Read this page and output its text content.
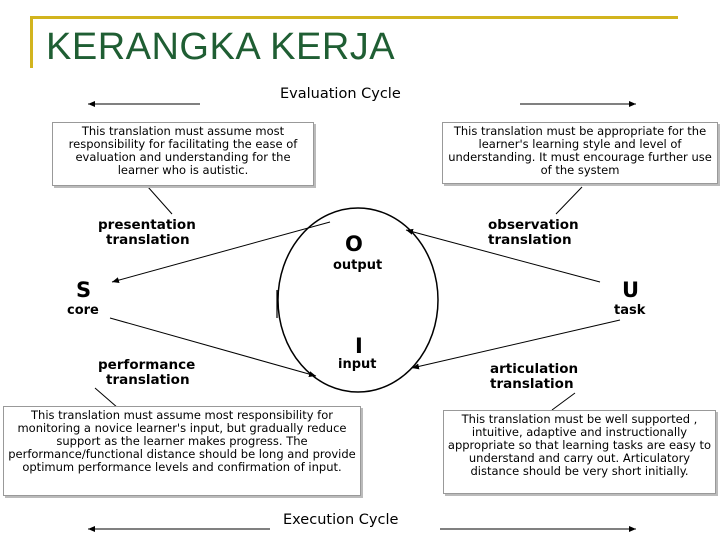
KERANGKA KERJA
Evaluation Cycle
Execution Cycle
This translation must assume most responsibility for facilitating the ease of evaluation and understanding for the learner who is autistic.
This translation must be appropriate for the learner's learning style and level of understanding. It must encourage further use of the system
This translation must assume most responsibility for monitoring a novice learner's input, but gradually reduce support as the learner makes progress. The performance/functional distance should be long and provide optimum performance levels and confirmation of input.
This translation must be well supported , intuitive, adaptive and instructionally appropriate so that learning tasks are easy to understand and carry out. Articulatory distance should be very short initially.
presentation
translation
observation
translation
performance
translation
articulation
translation
S
core
U
task
O
output
I
input
